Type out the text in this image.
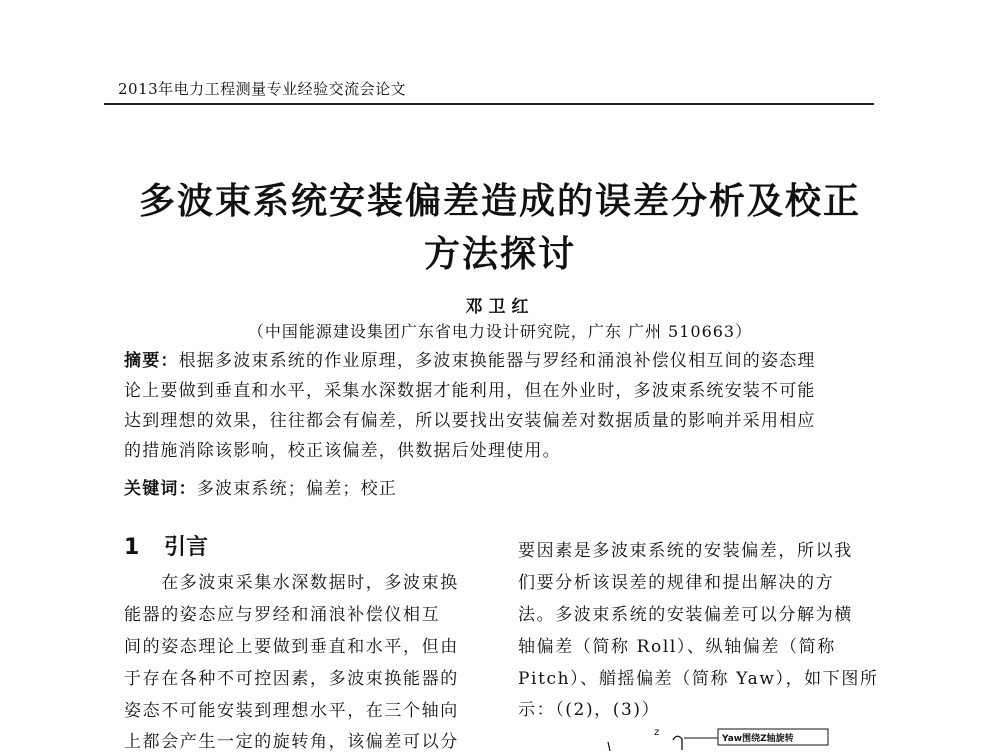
2013年电力工程测量专业经验交流会论文
多波束系统安装偏差造成的误差分析及校正
方法探讨
邓卫红
（中国能源建设集团广东省电力设计研究院，广东 广州 510663）
摘要：根据多波束系统的作业原理，多波束换能器与罗经和涌浪补偿仪相互间的姿态理
论上要做到垂直和水平，采集水深数据才能利用，但在外业时，多波束系统安装不可能
达到理想的效果，往往都会有偏差，所以要找出安装偏差对数据质量的影响并采用相应
的措施消除该影响，校正该偏差，供数据后处理使用。
关键词：多波束系统；偏差；校正
1 引言
　　在多波束采集水深数据时，多波束换
能器的姿态应与罗经和涌浪补偿仪相互
间的姿态理论上要做到垂直和水平，但由
于存在各种不可控因素，多波束换能器的
姿态不可能安装到理想水平，在三个轴向
上都会产生一定的旋转角，该偏差可以分
要因素是多波束系统的安装偏差，所以我
们要分析该误差的规律和提出解决的方
法。多波束系统的安装偏差可以分解为横
轴偏差（简称 Roll）、纵轴偏差（简称
Pitch）、艏摇偏差（简称 Yaw），如下图所
示：（(2)，(3)）
z
Yaw围绕Z轴旋转
